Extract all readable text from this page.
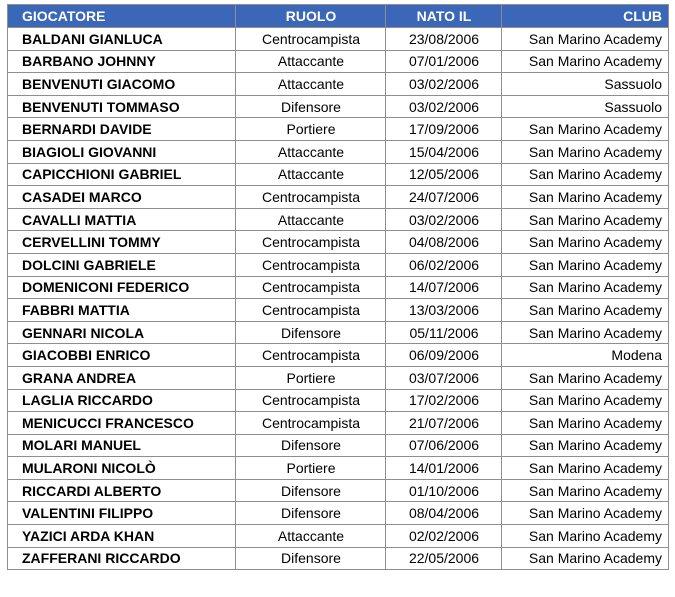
GIOCATORE	RUOLO	NATO IL	CLUB
BALDANI GIANLUCA	Centrocampista	23/08/2006	San Marino Academy
BARBANO JOHNNY	Attaccante	07/01/2006	San Marino Academy
BENVENUTI GIACOMO	Attaccante	03/02/2006	Sassuolo
BENVENUTI TOMMASO	Difensore	03/02/2006	Sassuolo
BERNARDI DAVIDE	Portiere	17/09/2006	San Marino Academy
BIAGIOLI GIOVANNI	Attaccante	15/04/2006	San Marino Academy
CAPICCHIONI GABRIEL	Attaccante	12/05/2006	San Marino Academy
CASADEI MARCO	Centrocampista	24/07/2006	San Marino Academy
CAVALLI MATTIA	Attaccante	03/02/2006	San Marino Academy
CERVELLINI TOMMY	Centrocampista	04/08/2006	San Marino Academy
DOLCINI GABRIELE	Centrocampista	06/02/2006	San Marino Academy
DOMENICONI FEDERICO	Centrocampista	14/07/2006	San Marino Academy
FABBRI MATTIA	Centrocampista	13/03/2006	San Marino Academy
GENNARI NICOLA	Difensore	05/11/2006	San Marino Academy
GIACOBBI ENRICO	Centrocampista	06/09/2006	Modena
GRANA ANDREA	Portiere	03/07/2006	San Marino Academy
LAGLIA RICCARDO	Centrocampista	17/02/2006	San Marino Academy
MENICUCCI FRANCESCO	Centrocampista	21/07/2006	San Marino Academy
MOLARI MANUEL	Difensore	07/06/2006	San Marino Academy
MULARONI NICOLÒ	Portiere	14/01/2006	San Marino Academy
RICCARDI ALBERTO	Difensore	01/10/2006	San Marino Academy
VALENTINI FILIPPO	Difensore	08/04/2006	San Marino Academy
YAZICI ARDA KHAN	Attaccante	02/02/2006	San Marino Academy
ZAFFERANI RICCARDO	Difensore	22/05/2006	San Marino Academy
